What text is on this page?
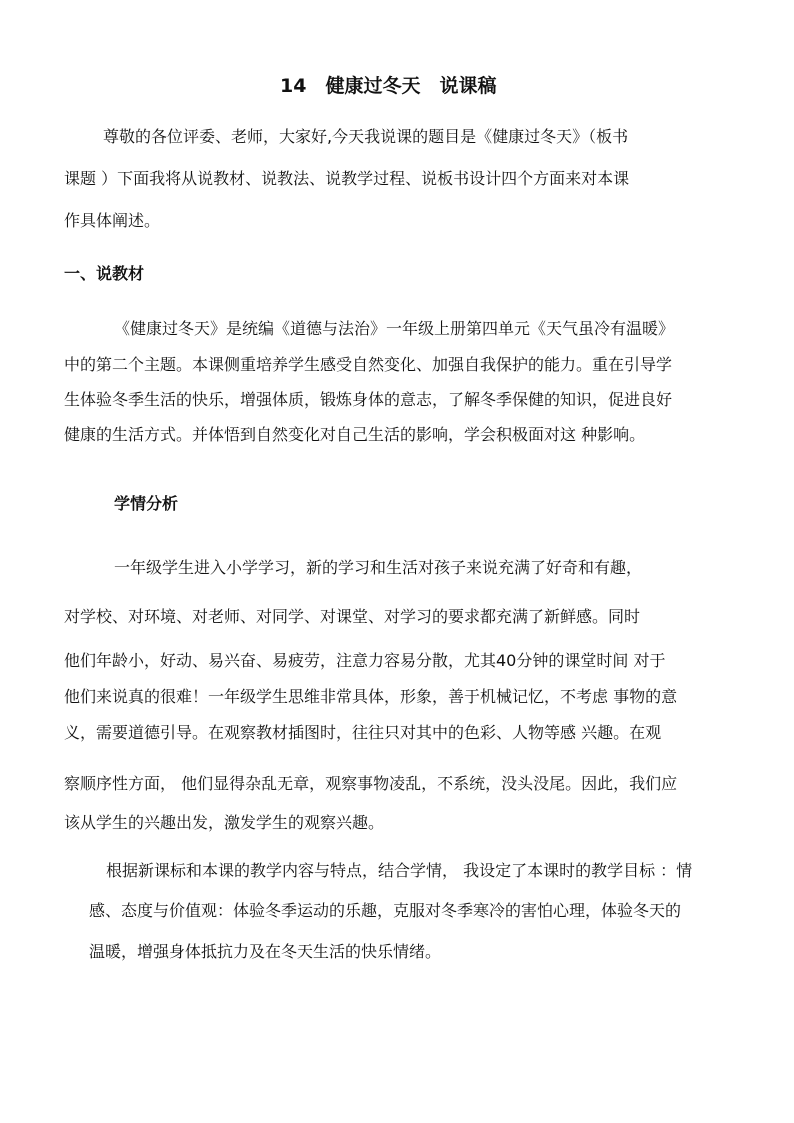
14　健康过冬天　说课稿
尊敬的各位评委、老师，大家好,今天我说课的题目是《健康过冬天》（板书
课题 ）下面我将从说教材、说教法、说教学过程、说板书设计四个方面来对本课
作具体阐述。
一、说教材
《健康过冬天》是统编《道德与法治》一年级上册第四单元《天气虽冷有温暖》
中的第二个主题。本课侧重培养学生感受自然变化、加强自我保护的能力。重在引导学
生体验冬季生活的快乐，增强体质，锻炼身体的意志，了解冬季保健的知识，促进良好
健康的生活方式。并体悟到自然变化对自己生活的影响，学会积极面对这 种影响。
学情分析
一年级学生进入小学学习，新的学习和生活对孩子来说充满了好奇和有趣，
对学校、对环境、对老师、对同学、对课堂、对学习的要求都充满了新鲜感。同时
他们年龄小，好动、易兴奋、易疲劳，注意力容易分散，尤其40分钟的课堂时间 对于
他们来说真的很难！一年级学生思维非常具体，形象，善于机械记忆，不考虑 事物的意
义，需要道德引导。在观察教材插图时，往往只对其中的色彩、人物等感 兴趣。在观
察顺序性方面， 他们显得杂乱无章，观察事物凌乱，不系统，没头没尾。因此，我们应
该从学生的兴趣出发，激发学生的观察兴趣。
根据新课标和本课的教学内容与特点，结合学情， 我设定了本课时的教学目标 ：情
感、态度与价值观：体验冬季运动的乐趣，克服对冬季寒冷的害怕心理，体验冬天的
温暖，增强身体抵抗力及在冬天生活的快乐情绪。
